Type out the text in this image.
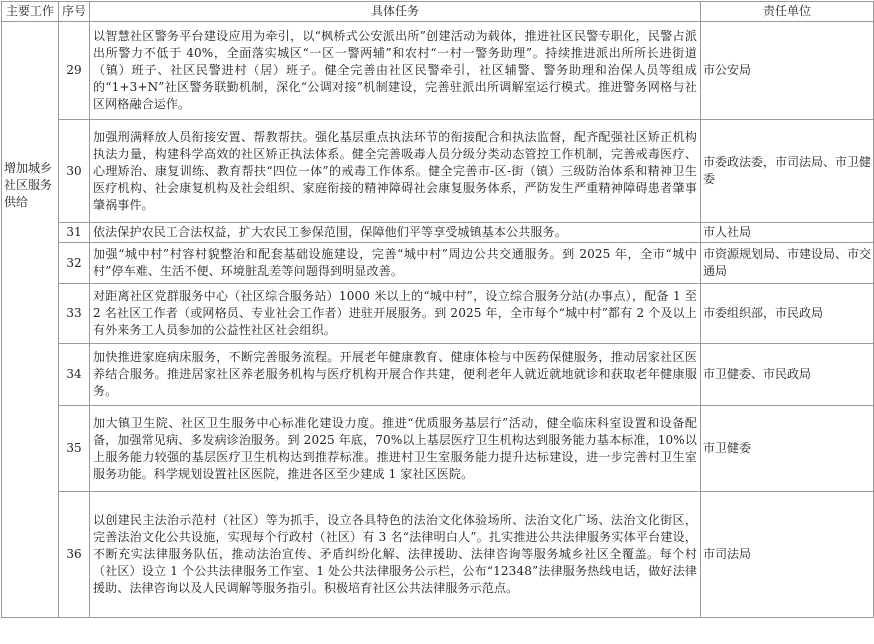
主要工作	序号	具体任务	责任单位
增加城乡社区服务供给	29	以智慧社区警务平台建设应用为牵引，以“枫桥式公安派出所”创建活动为载体，推进社区民警专职化，民警占派出所警力不低于 40%，全面落实城区“一区一警两辅”和农村“一村一警务助理”。持续推进派出所所长进街道（镇）班子、社区民警进村（居）班子。健全完善由社区民警牵引，社区辅警、警务助理和治保人员等组成的“1+3+N”社区警务联勤机制，深化“公调对接”机制建设，完善驻派出所调解室运行模式。推进警务网格与社区网格融合运作。	市公安局
	30	加强刑满释放人员衔接安置、帮教帮扶。强化基层重点执法环节的衔接配合和执法监督，配齐配强社区矫正机构执法力量，构建科学高效的社区矫正执法体系。健全完善吸毒人员分级分类动态管控工作机制，完善戒毒医疗、心理矫治、康复训练、教育帮扶“四位一体”的戒毒工作体系。健全完善市-区-街（镇）三级防治体系和精神卫生医疗机构、社会康复机构及社会组织、家庭衔接的精神障碍社会康复服务体系，严防发生严重精神障碍患者肇事肇祸事件。	市委政法委，市司法局、市卫健委
	31	依法保护农民工合法权益，扩大农民工参保范围，保障他们平等享受城镇基本公共服务。	市人社局
	32	加强“城中村”村容村貌整治和配套基础设施建设，完善“城中村”周边公共交通服务。到 2025 年，全市“城中村”停车难、生活不便、环境脏乱差等问题得到明显改善。	市资源规划局、市建设局、市交通局
	33	对距离社区党群服务中心（社区综合服务站）1000 米以上的“城中村”，设立综合服务分站(办事点），配备 1 至 2 名社区工作者（或网格员、专业社会工作者）进驻开展服务。到 2025 年，全市每个“城中村”都有 2 个及以上有外来务工人员参加的公益性社区社会组织。	市委组织部，市民政局
	34	加快推进家庭病床服务，不断完善服务流程。开展老年健康教育、健康体检与中医药保健服务，推动居家社区医养结合服务。推进居家社区养老服务机构与医疗机构开展合作共建，便利老年人就近就地就诊和获取老年健康服务。	市卫健委、市民政局
	35	加大镇卫生院、社区卫生服务中心标准化建设力度。推进“优质服务基层行”活动，健全临床科室设置和设备配备，加强常见病、多发病诊治服务。到 2025 年底，70%以上基层医疗卫生机构达到服务能力基本标准，10%以上服务能力较强的基层医疗卫生机构达到推荐标准。推进村卫生室服务能力提升达标建设，进一步完善村卫生室服务功能。科学规划设置社区医院，推进各区至少建成 1 家社区医院。	市卫健委
	36	以创建民主法治示范村（社区）等为抓手，设立各具特色的法治文化体验场所、法治文化广场、法治文化街区，完善法治文化公共设施，实现每个行政村（社区）有 3 名“法律明白人”。扎实推进公共法律服务实体平台建设，不断充实法律服务队伍，推动法治宣传、矛盾纠纷化解、法律援助、法律咨询等服务城乡社区全覆盖。每个村（社区）设立 1 个公共法律服务工作室、1 处公共法律服务公示栏，公布“12348”法律服务热线电话，做好法律援助、法律咨询以及人民调解等服务指引。积极培育社区公共法律服务示范点。	市司法局
